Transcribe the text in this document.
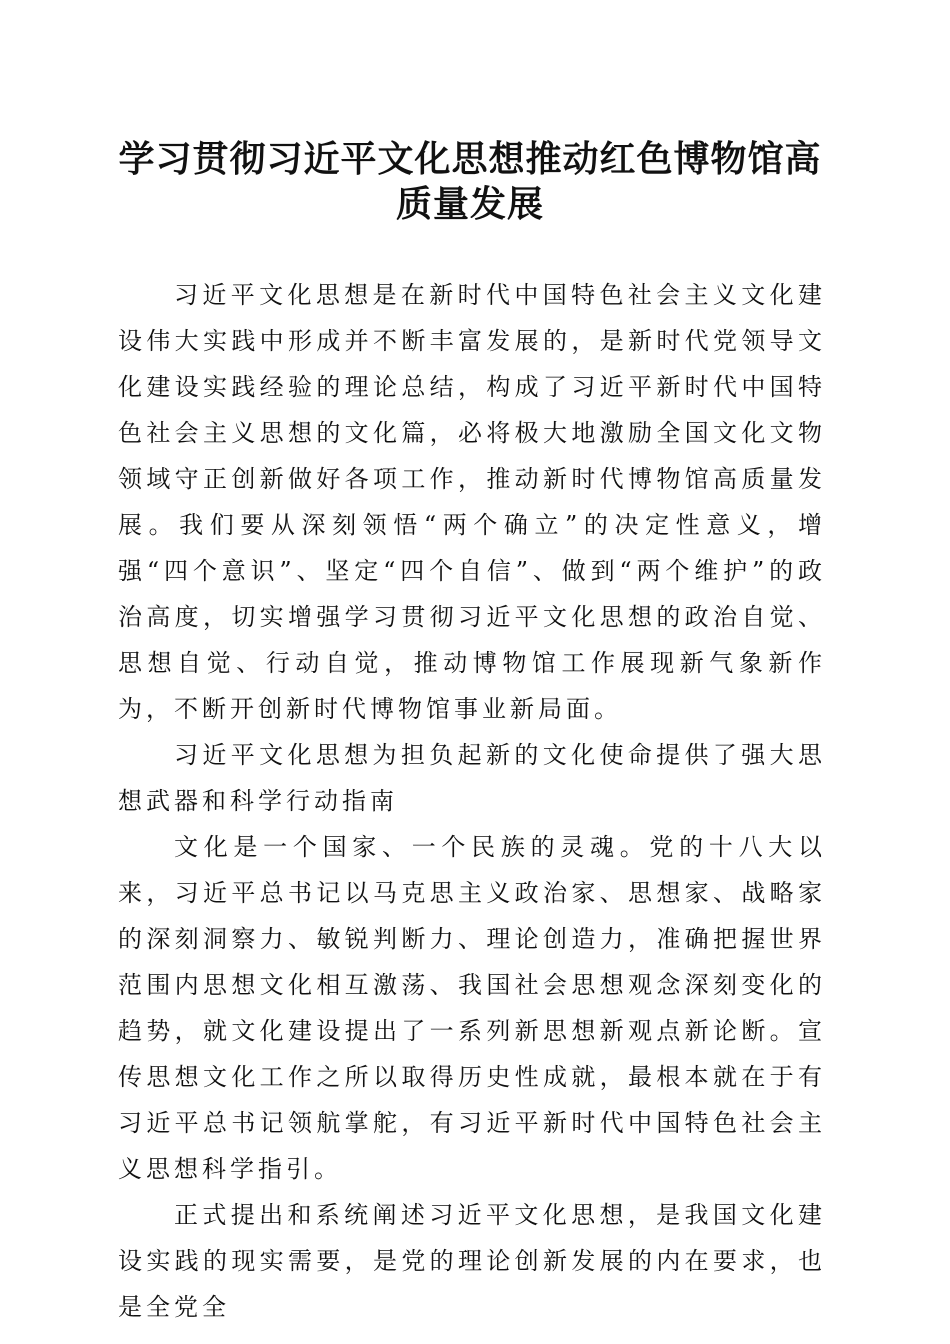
学习贯彻习近平文化思想推动红色博物馆高质量发展

习近平文化思想是在新时代中国特色社会主义文化建设伟大实践中形成并不断丰富发展的，是新时代党领导文化建设实践经验的理论总结，构成了习近平新时代中国特色社会主义思想的文化篇，必将极大地激励全国文化文物领域守正创新做好各项工作，推动新时代博物馆高质量发展。我们要从深刻领悟“两个确立”的决定性意义，增强“四个意识”、坚定“四个自信”、做到“两个维护”的政治高度，切实增强学习贯彻习近平文化思想的政治自觉、思想自觉、行动自觉，推动博物馆工作展现新气象新作为，不断开创新时代博物馆事业新局面。

习近平文化思想为担负起新的文化使命提供了强大思想武器和科学行动指南

文化是一个国家、一个民族的灵魂。党的十八大以来，习近平总书记以马克思主义政治家、思想家、战略家的深刻洞察力、敏锐判断力、理论创造力，准确把握世界范围内思想文化相互激荡、我国社会思想观念深刻变化的趋势，就文化建设提出了一系列新思想新观点新论断。宣传思想文化工作之所以取得历史性成就，最根本就在于有习近平总书记领航掌舵，有习近平新时代中国特色社会主义思想科学指引。

正式提出和系统阐述习近平文化思想，是我国文化建设实践的现实需要，是党的理论创新发展的内在要求，也是全党全
